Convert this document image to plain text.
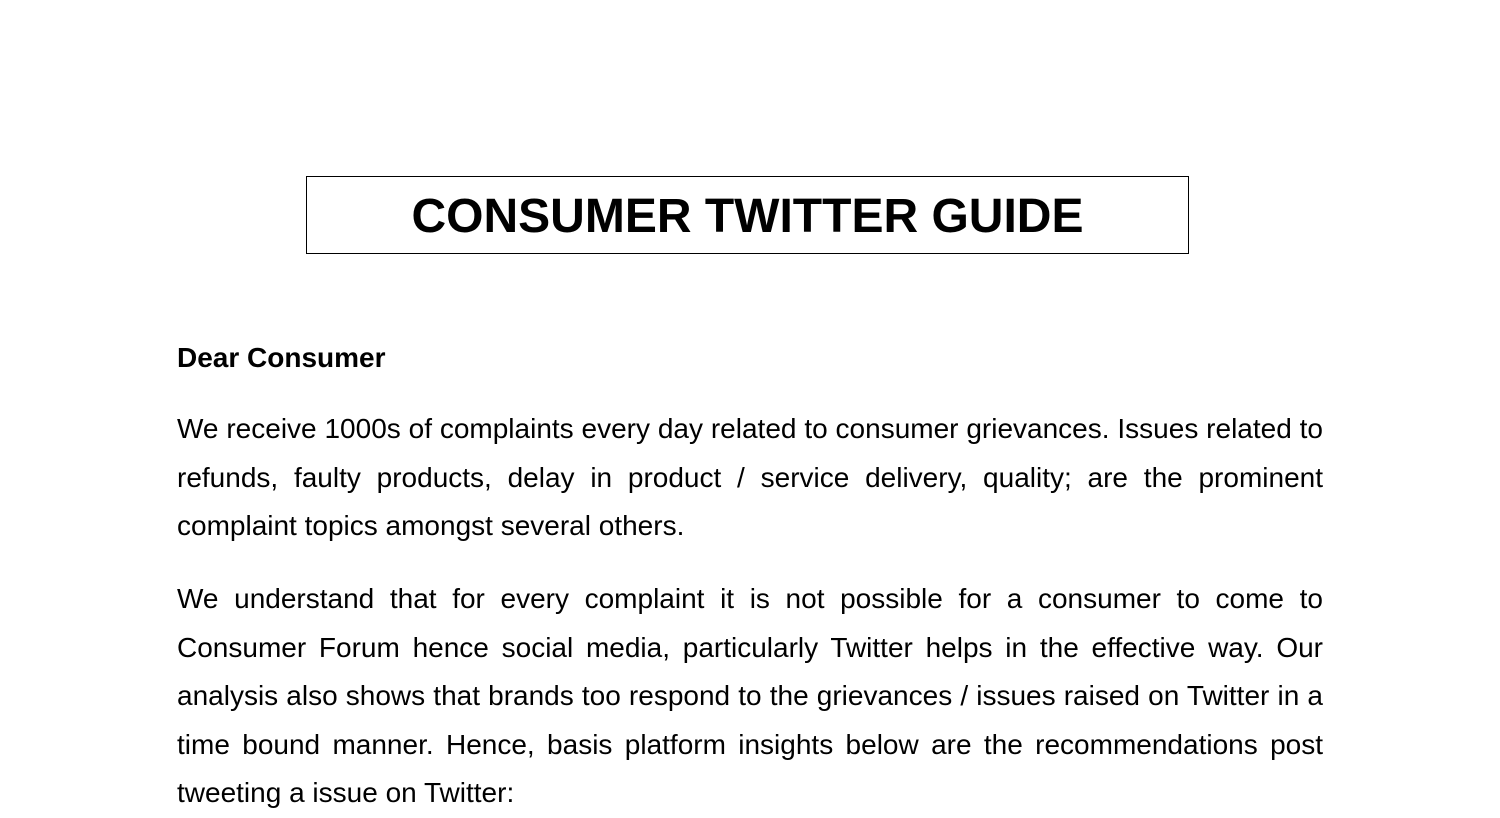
CONSUMER TWITTER GUIDE

Dear Consumer

We receive 1000s of complaints every day related to consumer grievances. Issues related to refunds, faulty products, delay in product / service delivery, quality; are the prominent complaint topics amongst several others.

We understand that for every complaint it is not possible for a consumer to come to Consumer Forum hence social media, particularly Twitter helps in the effective way. Our analysis also shows that brands too respond to the grievances / issues raised on Twitter in a time bound manner. Hence, basis platform insights below are the recommendations post tweeting a issue on Twitter:
